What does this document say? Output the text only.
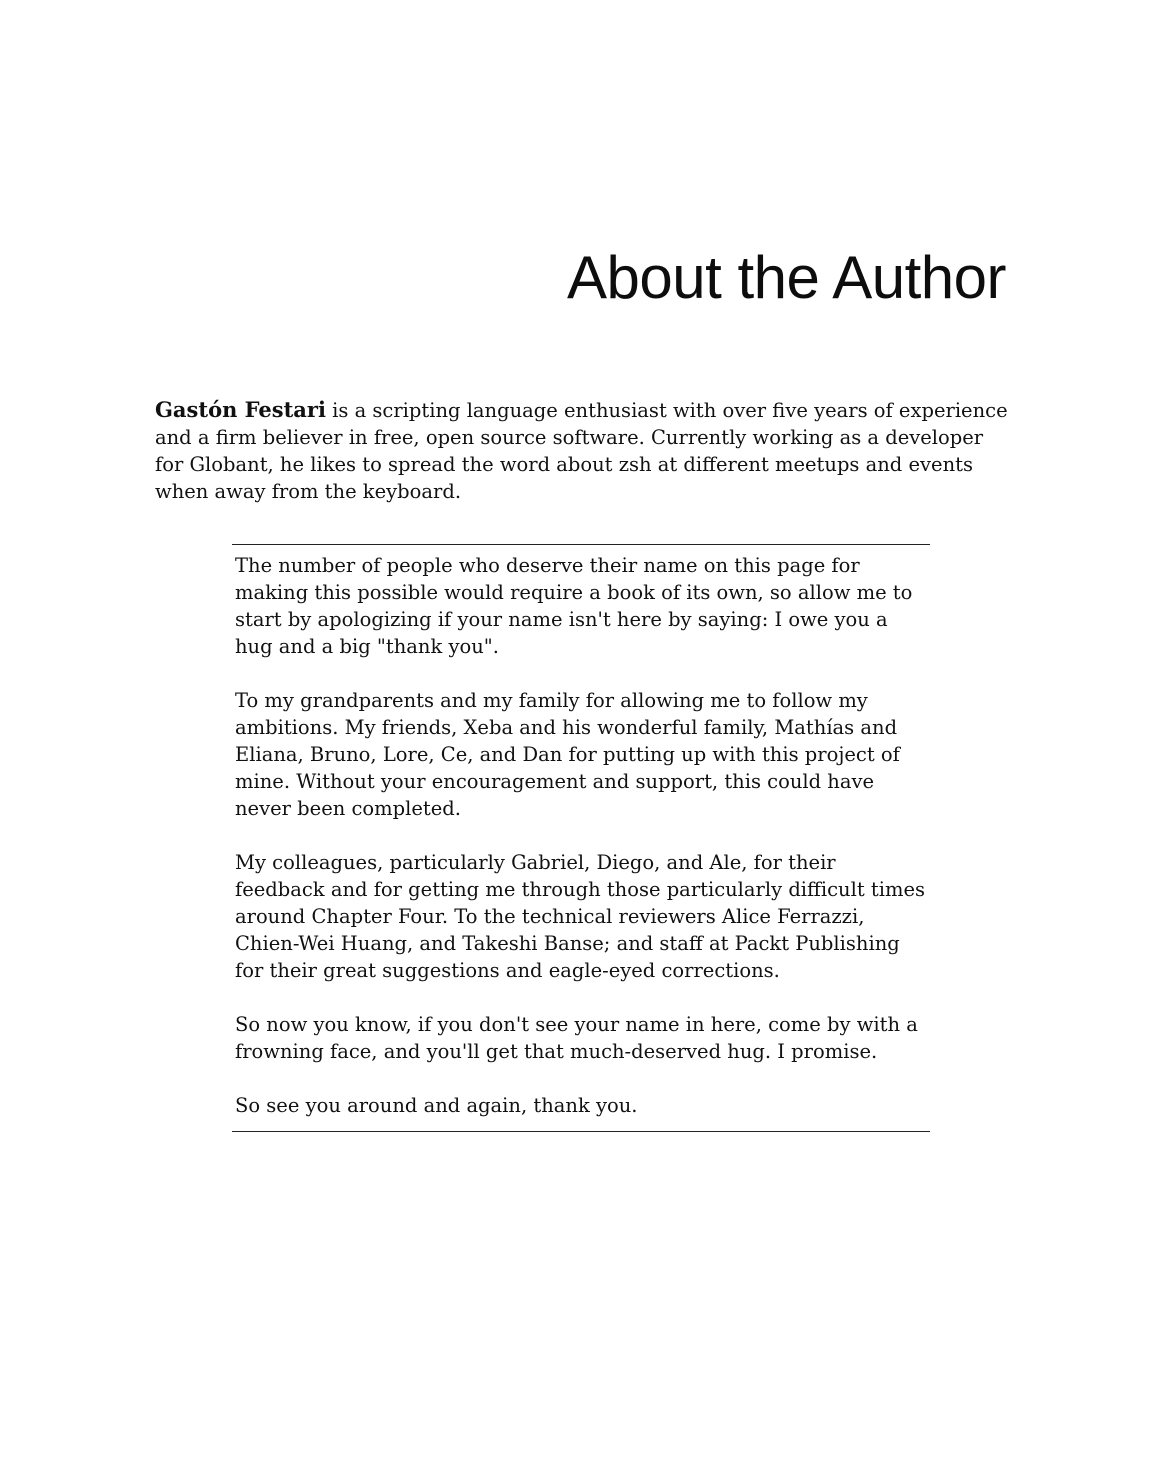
About the Author

Gastón Festari is a scripting language enthusiast with over five years of experience and a firm believer in free, open source software. Currently working as a developer for Globant, he likes to spread the word about zsh at different meetups and events when away from the keyboard.

The number of people who deserve their name on this page for making this possible would require a book of its own, so allow me to start by apologizing if your name isn't here by saying: I owe you a hug and a big "thank you".

To my grandparents and my family for allowing me to follow my ambitions. My friends, Xeba and his wonderful family, Mathías and Eliana, Bruno, Lore, Ce, and Dan for putting up with this project of mine. Without your encouragement and support, this could have never been completed.

My colleagues, particularly Gabriel, Diego, and Ale, for their feedback and for getting me through those particularly difficult times around Chapter Four. To the technical reviewers Alice Ferrazzi, Chien-Wei Huang, and Takeshi Banse; and staff at Packt Publishing for their great suggestions and eagle-eyed corrections.

So now you know, if you don't see your name in here, come by with a frowning face, and you'll get that much-deserved hug. I promise.

So see you around and again, thank you.
